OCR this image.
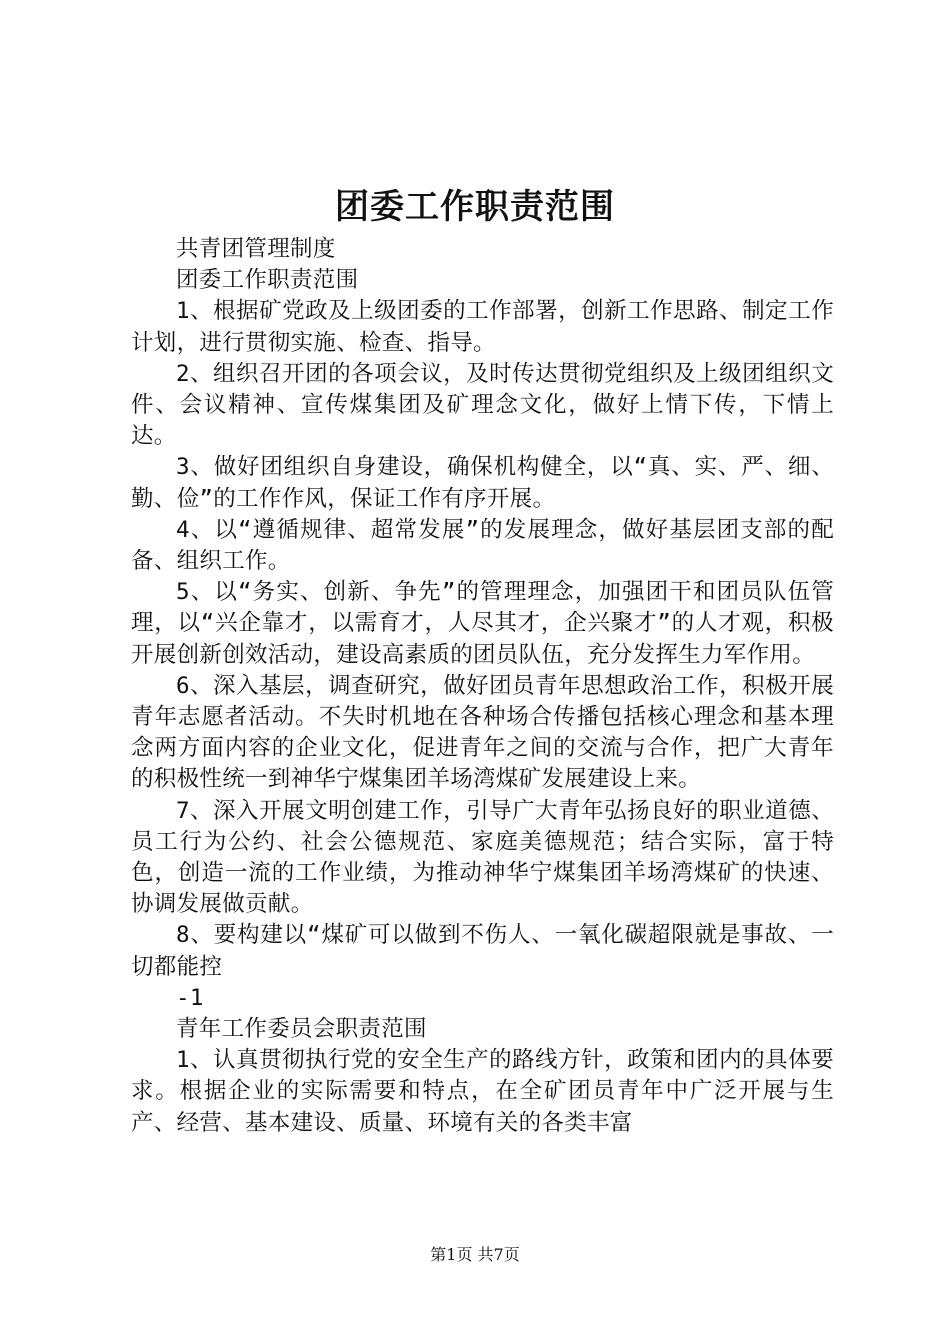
团委工作职责范围

共青团管理制度

团委工作职责范围

1、根据矿党政及上级团委的工作部署，创新工作思路、制定工作计划，进行贯彻实施、检查、指导。

2、组织召开团的各项会议，及时传达贯彻党组织及上级团组织文件、会议精神、宣传煤集团及矿理念文化，做好上情下传，下情上达。

3、做好团组织自身建设，确保机构健全，以“真、实、严、细、勤、俭”的工作作风，保证工作有序开展。

4、以“遵循规律、超常发展”的发展理念，做好基层团支部的配备、组织工作。

5、以“务实、创新、争先”的管理理念，加强团干和团员队伍管理，以“兴企靠才，以需育才，人尽其才，企兴聚才”的人才观，积极开展创新创效活动，建设高素质的团员队伍，充分发挥生力军作用。

6、深入基层，调查研究，做好团员青年思想政治工作，积极开展青年志愿者活动。不失时机地在各种场合传播包括核心理念和基本理念两方面内容的企业文化，促进青年之间的交流与合作，把广大青年的积极性统一到神华宁煤集团羊场湾煤矿发展建设上来。

7、深入开展文明创建工作，引导广大青年弘扬良好的职业道德、员工行为公约、社会公德规范、家庭美德规范；结合实际，富于特色，创造一流的工作业绩，为推动神华宁煤集团羊场湾煤矿的快速、协调发展做贡献。

8、要构建以“煤矿可以做到不伤人、一氧化碳超限就是事故、一切都能控

-1

青年工作委员会职责范围

1、认真贯彻执行党的安全生产的路线方针，政策和团内的具体要求。根据企业的实际需要和特点，在全矿团员青年中广泛开展与生产、经营、基本建设、质量、环境有关的各类丰富

第1页 共7页
